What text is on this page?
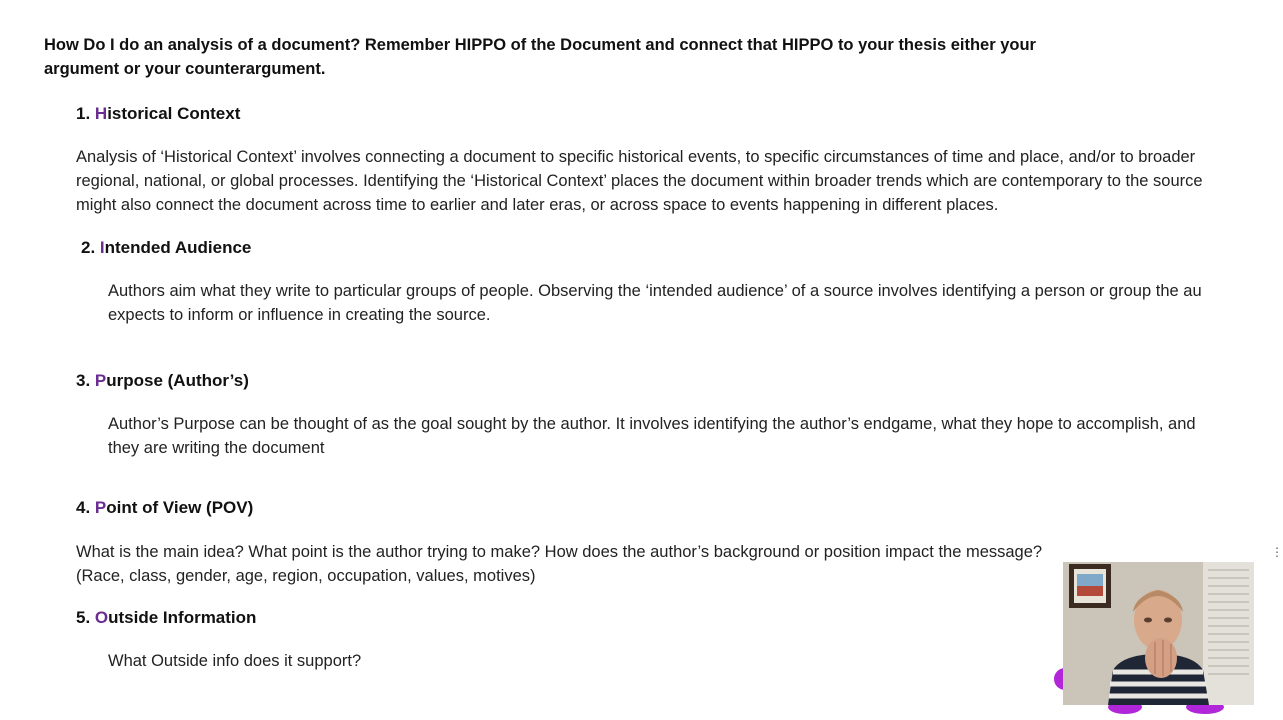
How Do I do an analysis of a document? Remember HIPPO of the Document and connect that HIPPO to your thesis either your
argument or your counterargument.
1. Historical Context
Analysis of ‘Historical Context’ involves connecting a document to specific historical events, to specific circumstances of time and place, and/or to broader
regional, national, or global processes. Identifying the ‘Historical Context’ places the document within broader trends which are contemporary to the source
might also connect the document across time to earlier and later eras, or across space to events happening in different places.
2. Intended Audience
Authors aim what they write to particular groups of people. Observing the ‘intended audience’ of a source involves identifying a person or group the au
expects to inform or influence in creating the source.
3. Purpose (Author’s)
Author’s Purpose can be thought of as the goal sought by the author. It involves identifying the author’s endgame, what they hope to accomplish, and
they are writing the document
4. Point of View (POV)
What is the main idea? What point is the author trying to make? How does the author’s background or position impact the message?
(Race, class, gender, age, region, occupation, values, motives)
5. Outside Information
What Outside info does it support?
⋮
